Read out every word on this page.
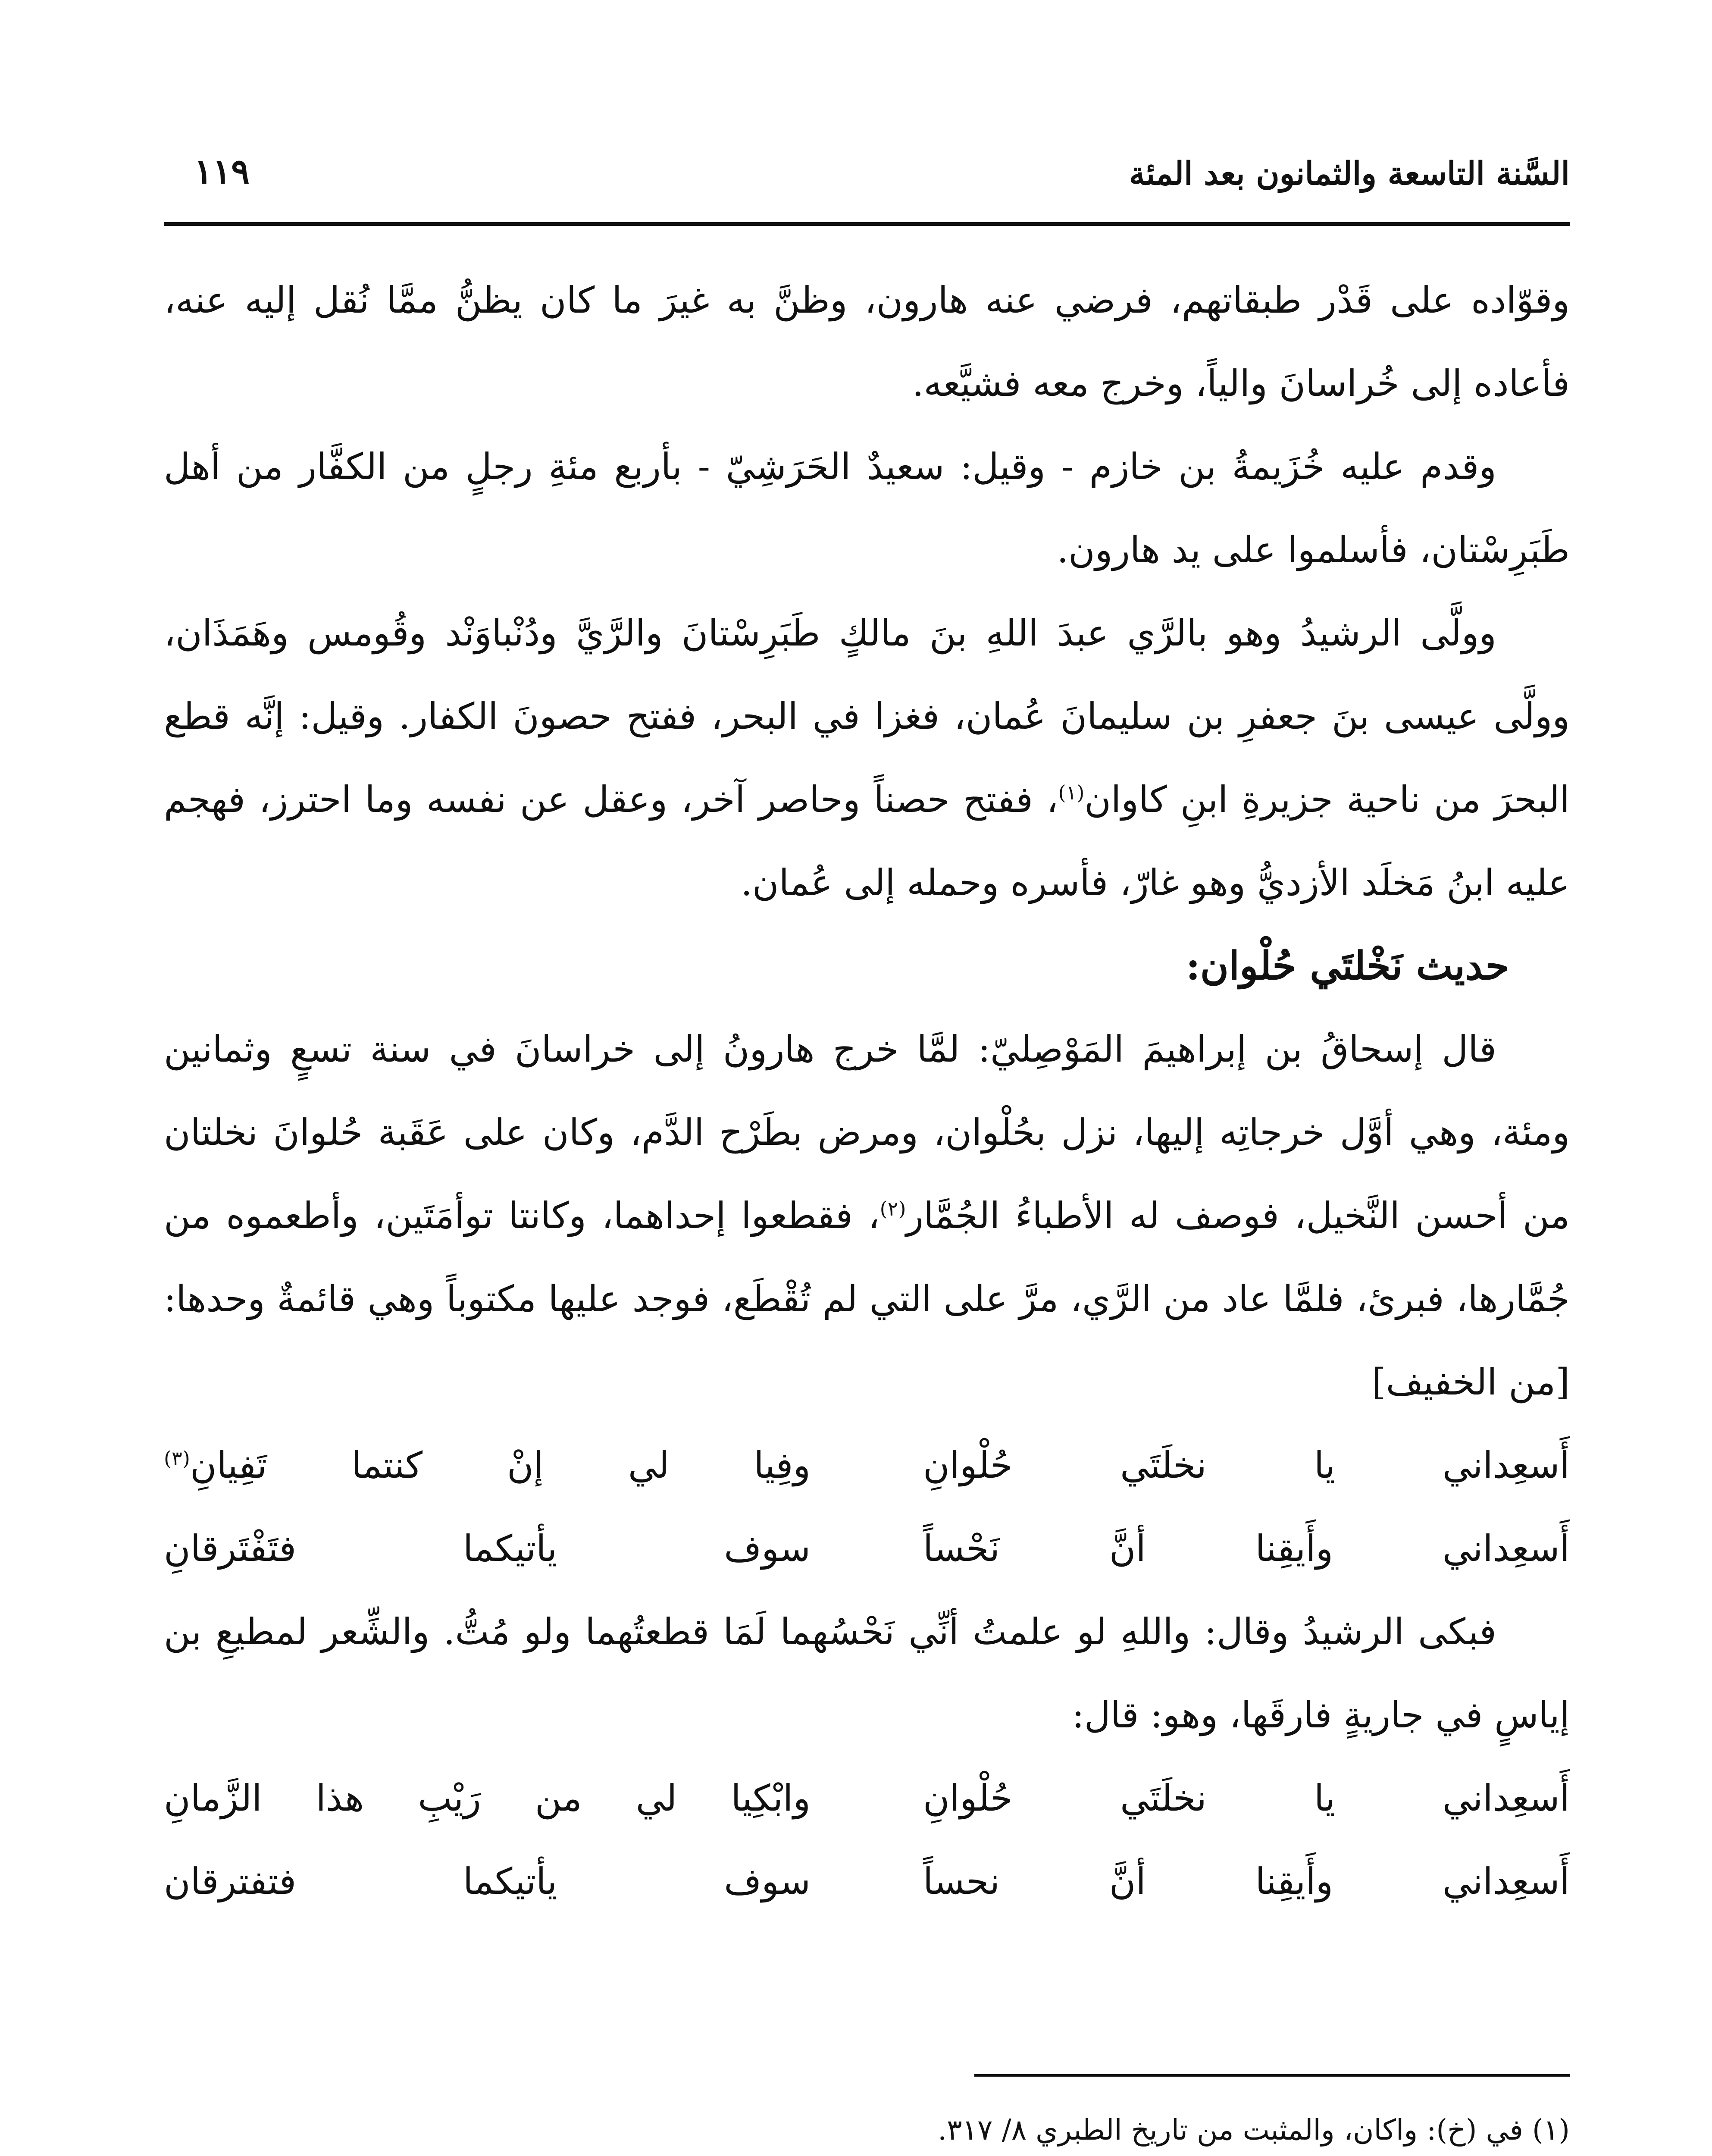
السَّنة التاسعة والثمانون بعد المئة
١١٩

وقوّاده على قَدْر طبقاتهم، فرضي عنه هارون، وظنَّ به غيرَ ما كان يظنُّ ممَّا نُقل إليه عنه، فأعاده إلى خُراسانَ والياً، وخرج معه فشيَّعه.

وقدم عليه خُزَيمةُ بن خازم - وقيل: سعيدٌ الحَرَشِيّ - بأربع مئةِ رجلٍ من الكفَّار من أهل طَبَرِسْتان، فأسلموا على يد هارون.

وولَّى الرشيدُ وهو بالرَّي عبدَ اللهِ بنَ مالكٍ طَبَرِسْتانَ والرَّيَّ ودُنْباوَنْد وقُومس وهَمَذَان، وولَّى عيسى بنَ جعفرِ بن سليمانَ عُمان، فغزا في البحر، ففتح حصونَ الكفار. وقيل: إنَّه قطع البحرَ من ناحية جزيرةِ ابنِ كاوان$^{(١)}$، ففتح حصناً وحاصر آخر، وعقل عن نفسه وما احترز، فهجم عليه ابنُ مَخلَد الأزديُّ وهو غارّ، فأسره وحمله إلى عُمان.

حديث نَخْلتَي حُلْوان:

قال إسحاقُ بن إبراهيمَ المَوْصِليّ: لمَّا خرج هارونُ إلى خراسانَ في سنة تسعٍ وثمانين ومئة، وهي أوَّل خرجاتِه إليها، نزل بحُلْوان، ومرض بطَرْح الدَّم، وكان على عَقَبة حُلوانَ نخلتان من أحسن النَّخيل، فوصف له الأطباءُ الجُمَّار$^{(٢)}$، فقطعوا إحداهما، وكانتا توأمَتَين، وأطعموه من جُمَّارها، فبرئ، فلمَّا عاد من الرَّي، مرَّ على التي لم تُقْطَع، فوجد عليها مكتوباً وهي قائمةٌ وحدها: [من الخفيف]

أَسعِداني يا نخلَتَي حُلْوانِ
وفِيا لي إنْ كنتما تَفِيانِ$^{(٣)}$
أَسعِداني وأَيقِنا أنَّ نَحْساً
سوف يأتيكما فتَفْتَرقانِ

فبكى الرشيدُ وقال: واللهِ لو علمتُ أنِّي نَحْسُهما لَمَا قطعتُهما ولو مُتُّ. والشِّعر لمطيعِ بن إياسٍ في جاريةٍ فارقَها، وهو: قال:

أَسعِداني يا نخلَتَي حُلْوانِ
وابْكِيا لي من رَيْبِ هذا الزَّمانِ
أَسعِداني وأَيقِنا أنَّ نحساً
سوف يأتيكما فتفترقان

(١) في (خ): واكان، والمثبت من تاريخ الطبري ٨/ ٣١٧.
